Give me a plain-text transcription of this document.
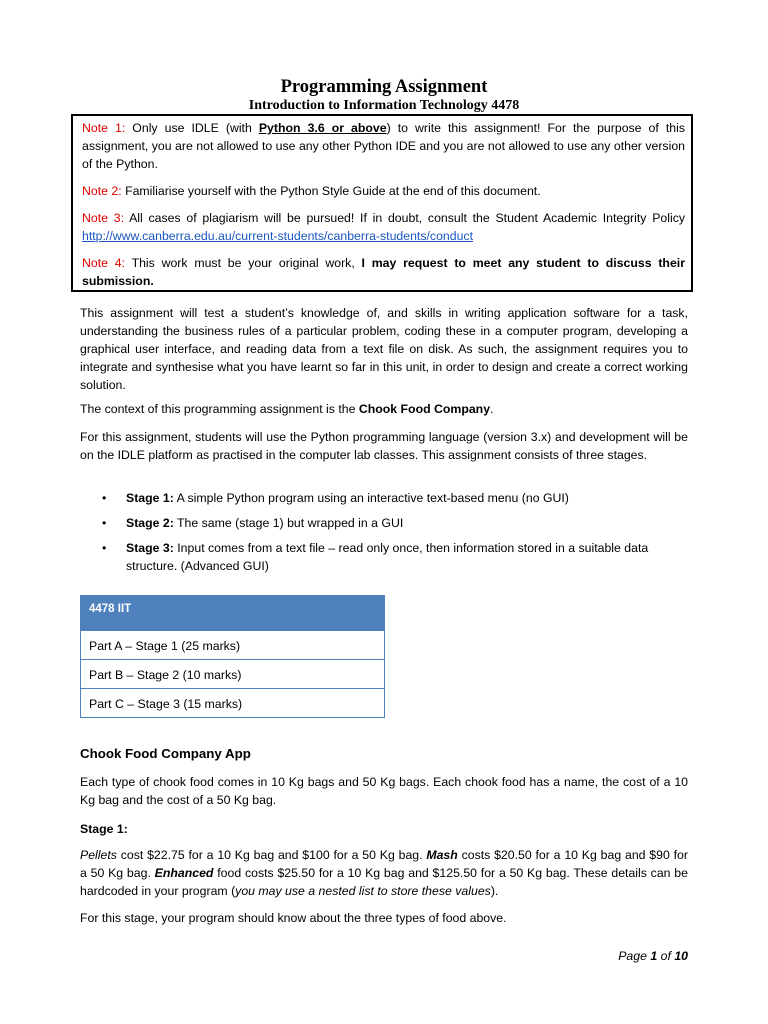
Programming Assignment
Introduction to Information Technology 4478

Note 1: Only use IDLE (with Python 3.6 or above) to write this assignment! For the purpose of this assignment, you are not allowed to use any other Python IDE and you are not allowed to use any other version of the Python.

Note 2: Familiarise yourself with the Python Style Guide at the end of this document.

Note 3: All cases of plagiarism will be pursued! If in doubt, consult the Student Academic Integrity Policy http://www.canberra.edu.au/current-students/canberra-students/conduct

Note 4: This work must be your original work, I may request to meet any student to discuss their submission.

This assignment will test a student’s knowledge of, and skills in writing application software for a task, understanding the business rules of a particular problem, coding these in a computer program, developing a graphical user interface, and reading data from a text file on disk. As such, the assignment requires you to integrate and synthesise what you have learnt so far in this unit, in order to design and create a correct working solution.

The context of this programming assignment is the Chook Food Company.

For this assignment, students will use the Python programming language (version 3.x) and development will be on the IDLE platform as practised in the computer lab classes. This assignment consists of three stages.

• Stage 1: A simple Python program using an interactive text-based menu (no GUI)
• Stage 2: The same (stage 1) but wrapped in a GUI
• Stage 3: Input comes from a text file – read only once, then information stored in a suitable data structure. (Advanced GUI)
4478 IIT
Part A – Stage 1 (25 marks)
Part B – Stage 2 (10 marks)
Part C – Stage 3 (15 marks)

Chook Food Company App

Each type of chook food comes in 10 Kg bags and 50 Kg bags. Each chook food has a name, the cost of a 10 Kg bag and the cost of a 50 Kg bag.

Stage 1:

Pellets cost $22.75 for a 10 Kg bag and $100 for a 50 Kg bag. Mash costs $20.50 for a 10 Kg bag and $90 for a 50 Kg bag. Enhanced food costs $25.50 for a 10 Kg bag and $125.50 for a 50 Kg bag. These details can be hardcoded in your program (you may use a nested list to store these values).

For this stage, your program should know about the three types of food above.

Page 1 of 10
